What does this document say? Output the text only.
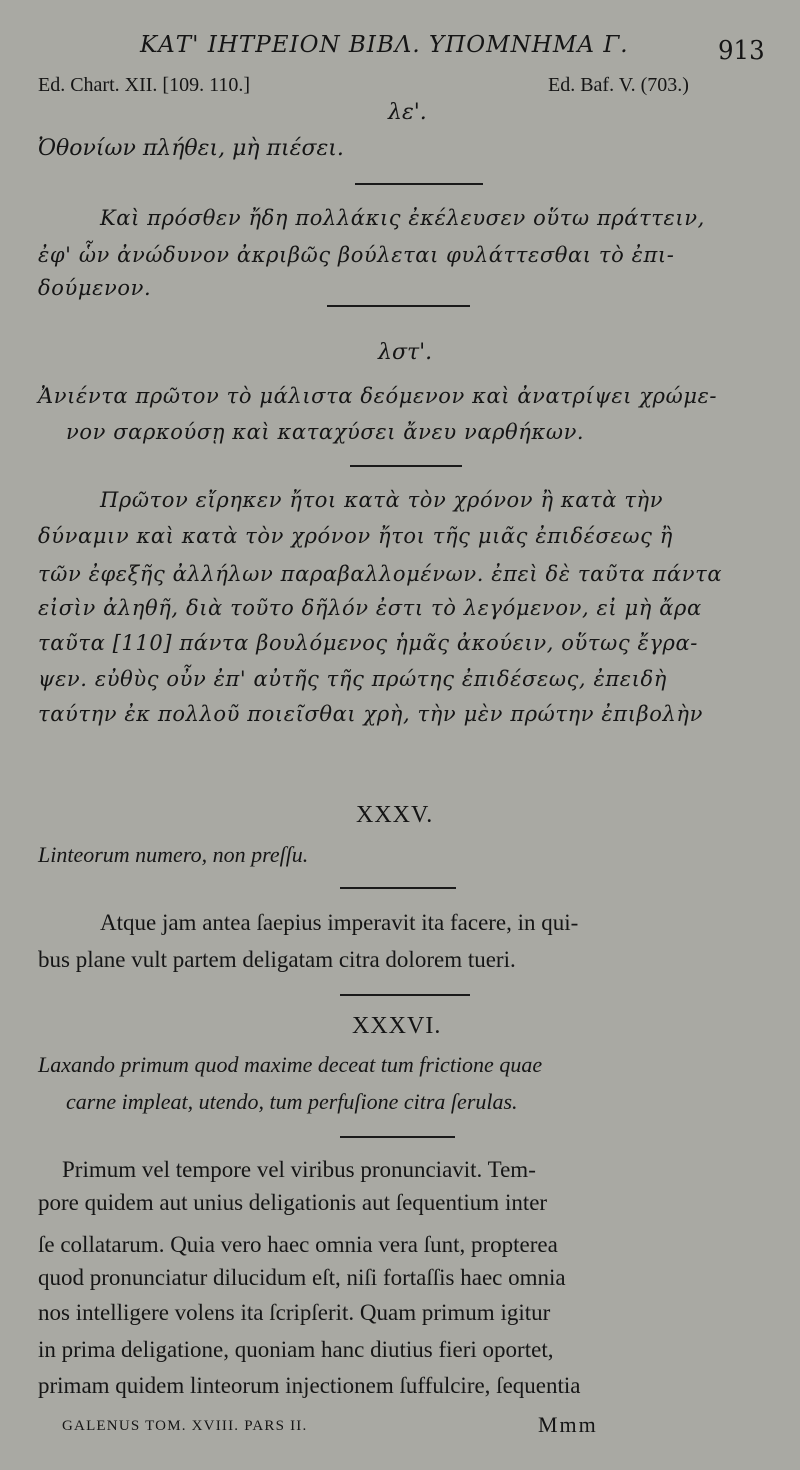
ΚΑΤ' ΙΗΤΡΕΙΟΝ ΒΙΒΛ. ΥΠΟΜΝΗΜΑ Γ.	913
Ed. Chart. XII. [109. 110.]	Ed. Baf. V. (703.)
λε'.
Ὀθονίων πλήθει, μὴ πιέσει.
Καὶ πρόσθεν ἤδη πολλάκις ἐκέλευσεν οὕτω πράττειν,
ἐφ' ὧν ἀνώδυνον ἀκριβῶς βούλεται φυλάττεσθαι τὸ ἐπι-
δούμενον.
λστ'.
Ἀνιέντα πρῶτον τὸ μάλιστα δεόμενον καὶ ἀνατρίψει χρώμε-
νον σαρκούσῃ καὶ καταχύσει ἄνευ ναρθήκων.
Πρῶτον εἴρηκεν ἤτοι κατὰ τὸν χρόνον ἢ κατὰ τὴν
δύναμιν καὶ κατὰ τὸν χρόνον ἤτοι τῆς μιᾶς ἐπιδέσεως ἢ
τῶν ἐφεξῆς ἀλλήλων παραβαλλομένων. ἐπεὶ δὲ ταῦτα πάντα
εἰσὶν ἀληθῆ, διὰ τοῦτο δῆλόν ἐστι τὸ λεγόμενον, εἰ μὴ ἄρα
ταῦτα [110] πάντα βουλόμενος ἡμᾶς ἀκούειν, οὕτως ἔγρα-
ψεν. εὐθὺς οὖν ἐπ' αὐτῆς τῆς πρώτης ἐπιδέσεως, ἐπειδὴ
ταύτην ἐκ πολλοῦ ποιεῖσθαι χρὴ, τὴν μὲν πρώτην ἐπιβολὴν
XXXV.
Linteorum numero, non preſſu.
Atque jam antea ſaepius imperavit ita facere, in qui-
bus plane vult partem deligatam citra dolorem tueri.
XXXVI.
Laxando primum quod maxime deceat tum frictione quae
carne impleat, utendo, tum perfuſione citra ſerulas.
Primum vel tempore vel viribus pronunciavit. Tem-
pore quidem aut unius deligationis aut ſequentium inter
ſe collatarum. Quia vero haec omnia vera ſunt, propterea
quod pronunciatur dilucidum eſt, niſi fortaſſis haec omnia
nos intelligere volens ita ſcripſerit. Quam primum igitur
in prima deligatione, quoniam hanc diutius fieri oportet,
primam quidem linteorum injectionem ſuffulcire, ſequentia
GALENUS TOM. XVIII. PARS II.	Mmm
